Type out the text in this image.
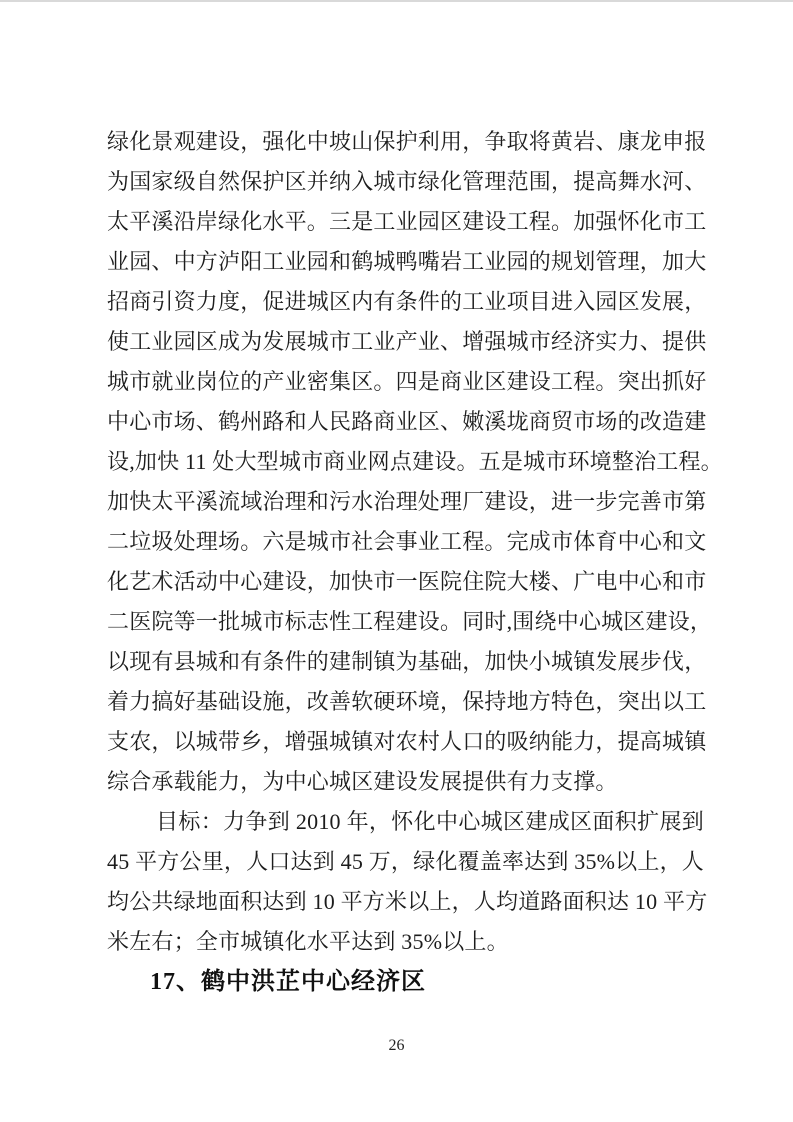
绿化景观建设，强化中坡山保护利用，争取将黄岩、康龙申报
为国家级自然保护区并纳入城市绿化管理范围，提高舞水河、
太平溪沿岸绿化水平。三是工业园区建设工程。加强怀化市工
业园、中方泸阳工业园和鹤城鸭嘴岩工业园的规划管理，加大
招商引资力度，促进城区内有条件的工业项目进入园区发展，
使工业园区成为发展城市工业产业、增强城市经济实力、提供
城市就业岗位的产业密集区。四是商业区建设工程。突出抓好
中心市场、鹤州路和人民路商业区、嫩溪垅商贸市场的改造建
设,加快 11 处大型城市商业网点建设。五是城市环境整治工程。
加快太平溪流域治理和污水治理处理厂建设，进一步完善市第
二垃圾处理场。六是城市社会事业工程。完成市体育中心和文
化艺术活动中心建设，加快市一医院住院大楼、广电中心和市
二医院等一批城市标志性工程建设。同时,围绕中心城区建设，
以现有县城和有条件的建制镇为基础，加快小城镇发展步伐，
着力搞好基础设施，改善软硬环境，保持地方特色，突出以工
支农，以城带乡，增强城镇对农村人口的吸纳能力，提高城镇
综合承载能力，为中心城区建设发展提供有力支撑。
目标：力争到 2010 年，怀化中心城区建成区面积扩展到
45 平方公里，人口达到 45 万，绿化覆盖率达到 35%以上，人
均公共绿地面积达到 10 平方米以上，人均道路面积达 10 平方
米左右；全市城镇化水平达到 35%以上。
17、鹤中洪芷中心经济区
26
